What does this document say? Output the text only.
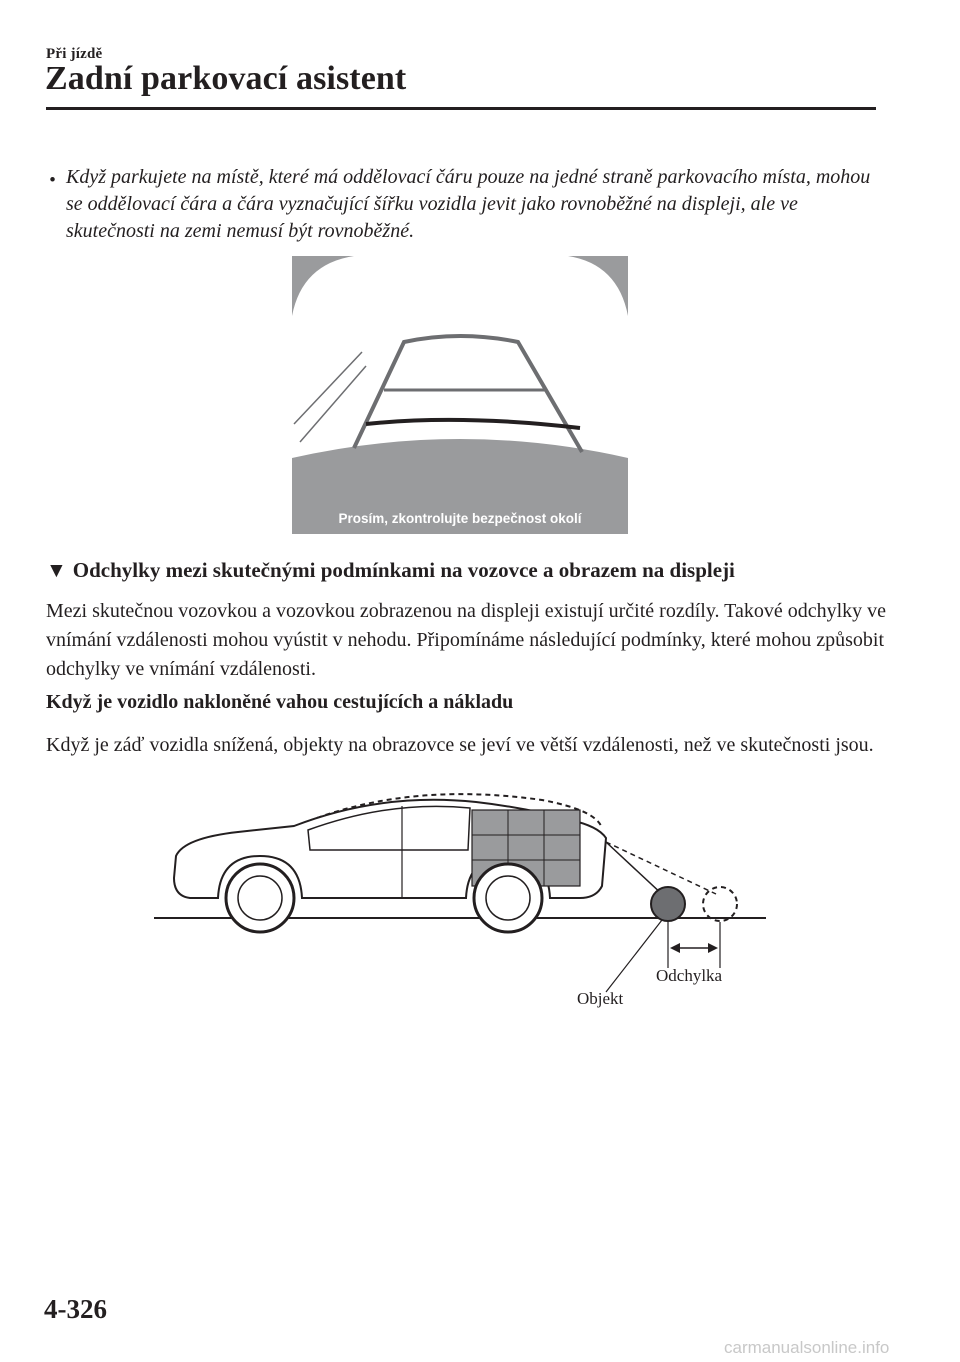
Při jízdě
Zadní parkovací asistent
• Když parkujete na místě, které má oddělovací čáru pouze na jedné straně parkovacího místa, mohou se oddělovací čára a čára vyznačující šířku vozidla jevit jako rovnoběžné na displeji, ale ve skutečnosti na zemi nemusí být rovnoběžné.
Prosím, zkontrolujte bezpečnost okolí
▼ Odchylky mezi skutečnými podmínkami na vozovce a obrazem na displeji
Mezi skutečnou vozovkou a vozovkou zobrazenou na displeji existují určité rozdíly. Takové odchylky ve vnímání vzdálenosti mohou vyústit v nehodu. Připomínáme následující podmínky, které mohou způsobit odchylky ve vnímání vzdálenosti.
Když je vozidlo nakloněné vahou cestujících a nákladu
Když je záď vozidla snížená, objekty na obrazovce se jeví ve větší vzdálenosti, než ve skutečnosti jsou.
Odchylka
Objekt
4-326
carmanualsonline.info
